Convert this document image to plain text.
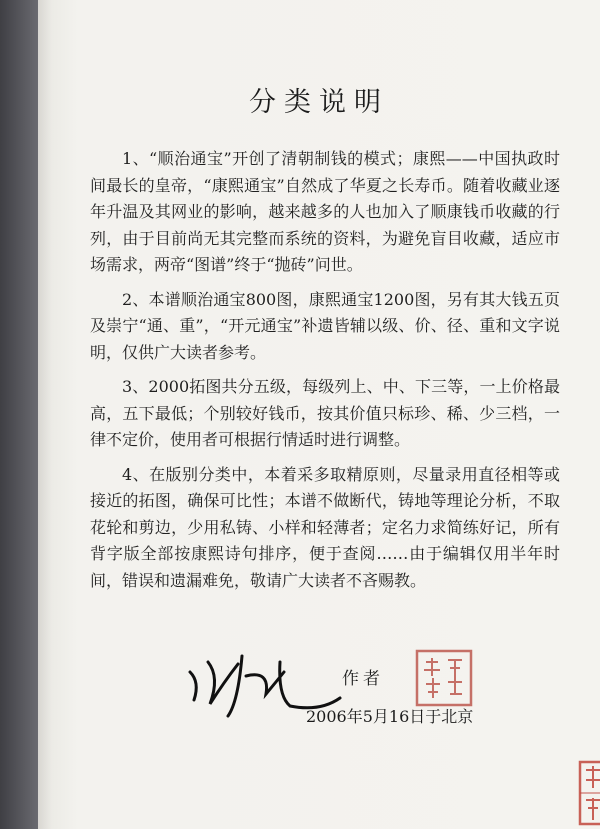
分类说明

1、“顺治通宝”开创了清朝制钱的模式；康熙——中国执政时间最长的皇帝，“康熙通宝”自然成了华夏之长寿币。随着收藏业逐年升温及其网业的影响，越来越多的人也加入了顺康钱币收藏的行列，由于目前尚无其完整而系统的资料，为避免盲目收藏，适应市场需求，两帝“图谱”终于“抛砖”问世。

2、本谱顺治通宝800图，康熙通宝1200图，另有其大钱五页及崇宁“通、重”，“开元通宝”补遗皆辅以级、价、径、重和文字说明，仅供广大读者参考。

3、2000拓图共分五级，每级列上、中、下三等，一上价格最高，五下最低；个别较好钱币，按其价值只标珍、稀、少三档，一律不定价，使用者可根据行情适时进行调整。

4、在版别分类中，本着采多取精原则，尽量录用直径相等或接近的拓图，确保可比性；本谱不做断代，铸地等理论分析，不取花轮和剪边，少用私铸、小样和轻薄者；定名力求简练好记，所有背字版全部按康熙诗句排序，便于查阅……由于编辑仅用半年时间，错误和遗漏难免，敬请广大读者不吝赐教。

作者
2006年5月16日于北京
